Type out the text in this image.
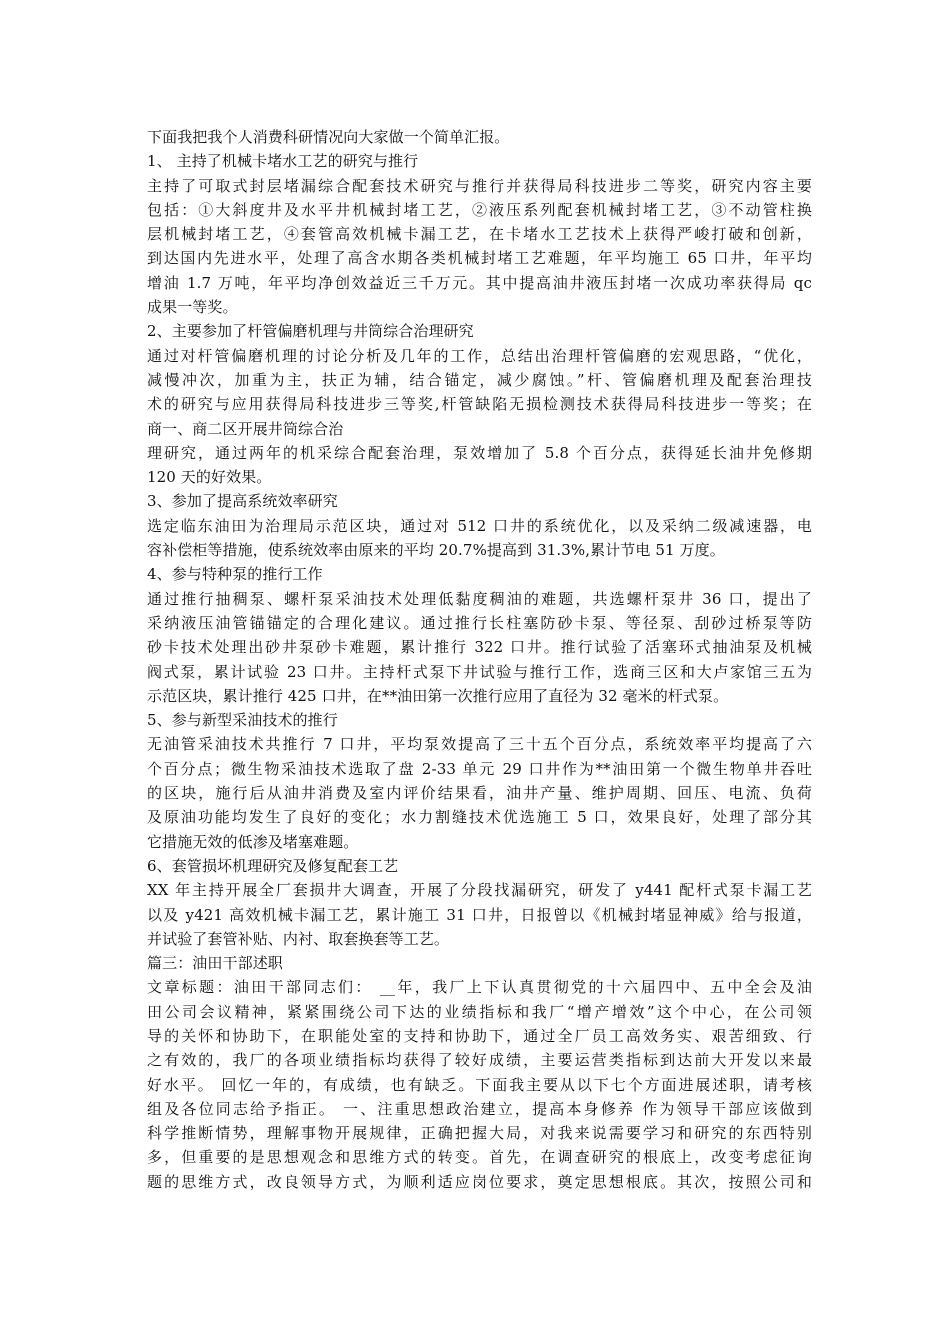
下面我把我个人消费科研情况向大家做一个简单汇报。
1、 主持了机械卡堵水工艺的研究与推行
主持了可取式封层堵漏综合配套技术研究与推行并获得局科技进步二等奖，研究内容主要
包括：①大斜度井及水平井机械封堵工艺，②液压系列配套机械封堵工艺，③不动管柱换
层机械封堵工艺，④套管高效机械卡漏工艺，在卡堵水工艺技术上获得严峻打破和创新，
到达国内先进水平，处理了高含水期各类机械封堵工艺难题，年平均施工 65 口井，年平均
增油 1.7 万吨，年平均净创效益近三千万元。其中提高油井液压封堵一次成功率获得局 qc
成果一等奖。
2、主要参加了杆管偏磨机理与井筒综合治理研究
通过对杆管偏磨机理的讨论分析及几年的工作，总结出治理杆管偏磨的宏观思路，“优化，
减慢冲次，加重为主，扶正为辅，结合锚定，减少腐蚀。”杆、管偏磨机理及配套治理技
术的研究与应用获得局科技进步三等奖,杆管缺陷无损检测技术获得局科技进步一等奖；在
商一、商二区开展井筒综合治
理研究，通过两年的机采综合配套治理，泵效增加了 5.8 个百分点，获得延长油井免修期
120 天的好效果。
3、参加了提高系统效率研究
选定临东油田为治理局示范区块，通过对 512 口井的系统优化，以及采纳二级减速器，电
容补偿柜等措施，使系统效率由原来的平均 20.7%提高到 31.3%,累计节电 51 万度。
4、参与特种泵的推行工作
通过推行抽稠泵、螺杆泵采油技术处理低黏度稠油的难题，共选螺杆泵井 36 口，提出了
采纳液压油管锚锚定的合理化建议。通过推行长柱塞防砂卡泵、等径泵、刮砂过桥泵等防
砂卡技术处理出砂井泵砂卡难题，累计推行 322 口井。推行试验了活塞环式抽油泵及机械
阀式泵，累计试验 23 口井。主持杆式泵下井试验与推行工作，选商三区和大卢家馆三五为
示范区块，累计推行 425 口井，在**油田第一次推行应用了直径为 32 毫米的杆式泵。
5、参与新型采油技术的推行
无油管采油技术共推行 7 口井，平均泵效提高了三十五个百分点，系统效率平均提高了六
个百分点；微生物采油技术选取了盘 2-33 单元 29 口井作为**油田第一个微生物单井吞吐
的区块，施行后从油井消费及室内评价结果看，油井产量、维护周期、回压、电流、负荷
及原油功能均发生了良好的变化；水力割缝技术优选施工 5 口，效果良好，处理了部分其
它措施无效的低渗及堵塞难题。
6、套管损坏机理研究及修复配套工艺
XX 年主持开展全厂套损井大调查，开展了分段找漏研究，研发了 y441 配杆式泵卡漏工艺
以及 y421 高效机械卡漏工艺，累计施工 31 口井，日报曾以《机械封堵显神威》给与报道，
并试验了套管补贴、内衬、取套换套等工艺。
篇三：油田干部述职
文章标题：油田干部同志们： __年，我厂上下认真贯彻党的十六届四中、五中全会及油
田公司会议精神，紧紧围绕公司下达的业绩指标和我厂“增产增效”这个中心，在公司领
导的关怀和协助下，在职能处室的支持和协助下，通过全厂员工高效务实、艰苦细致、行
之有效的，我厂的各项业绩指标均获得了较好成绩，主要运营类指标到达前大开发以来最
好水平。 回忆一年的，有成绩，也有缺乏。下面我主要从以下七个方面进展述职，请考核
组及各位同志给予指正。 一、注重思想政治建立，提高本身修养 作为领导干部应该做到
科学推断情势，理解事物开展规律，正确把握大局，对我来说需要学习和研究的东西特别
多，但重要的是思想观念和思维方式的转变。首先，在调查研究的根底上，改变考虑征询
题的思维方式，改良领导方式，为顺利适应岗位要求，奠定思想根底。其次，按照公司和
